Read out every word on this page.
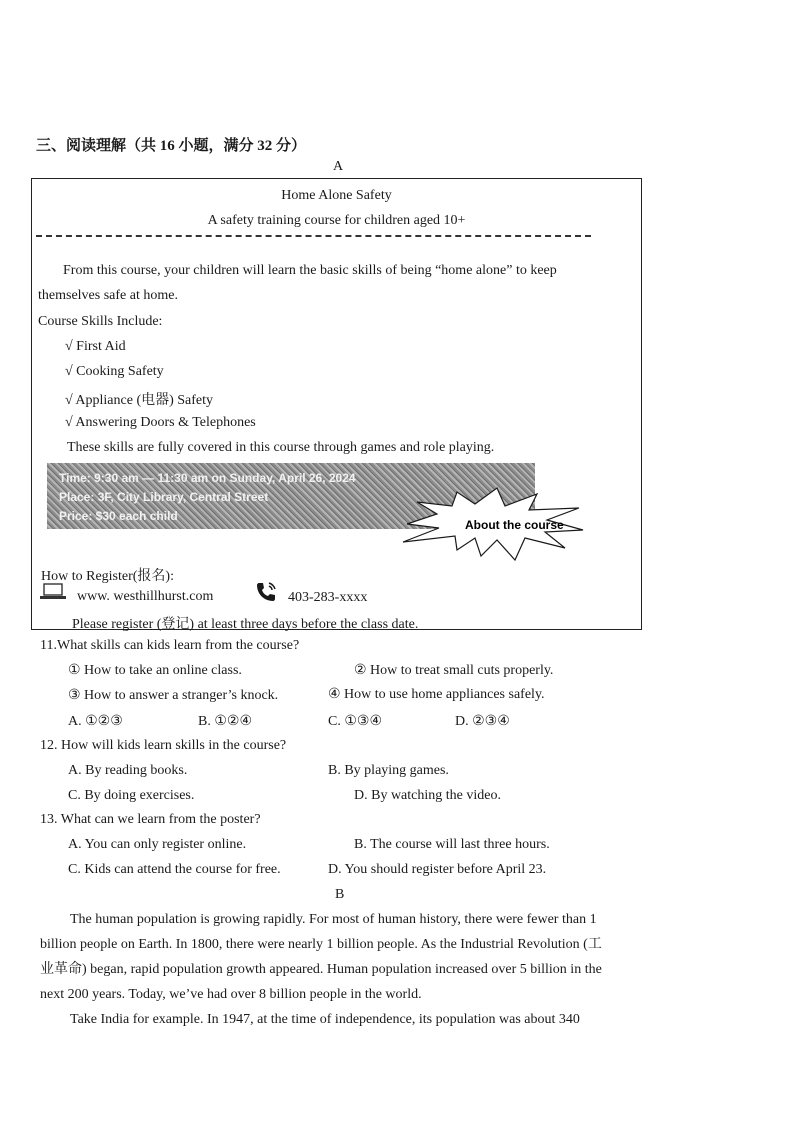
三、阅读理解（共 16 小题，满分 32 分）
A
Home Alone Safety
A safety training course for children aged 10+
From this course, your children will learn the basic skills of being “home alone” to keep
themselves safe at home.
Course Skills Include:
√ First Aid
√ Cooking Safety
√ Appliance (电器) Safety
√ Answering Doors & Telephones
These skills are fully covered in this course through games and role playing.
Time: 9:30 am — 11:30 am on Sunday, April 26, 2024
Place: 3F, City Library, Central Street
Price: $30 each child
About the course
How to Register(报名):
www. westhillhurst.com	403-283-xxxx
Please register (登记) at least three days before the class date.
11.What skills can kids learn from the course?
① How to take an online class.	② How to treat small cuts properly.
③ How to answer a stranger’s knock.	④ How to use home appliances safely.
A. ①②③	B. ①②④	C. ①③④	D. ②③④
12. How will kids learn skills in the course?
A. By reading books.	B. By playing games.
C. By doing exercises.	D. By watching the video.
13. What can we learn from the poster?
A. You can only register online.	B. The course will last three hours.
C. Kids can attend the course for free.	D. You should register before April 23.
B
The human population is growing rapidly. For most of human history, there were fewer than 1
billion people on Earth. In 1800, there were nearly 1 billion people. As the Industrial Revolution (工
业革命) began, rapid population growth appeared. Human population increased over 5 billion in the
next 200 years. Today, we’ve had over 8 billion people in the world.
Take India for example. In 1947, at the time of independence, its population was about 340
